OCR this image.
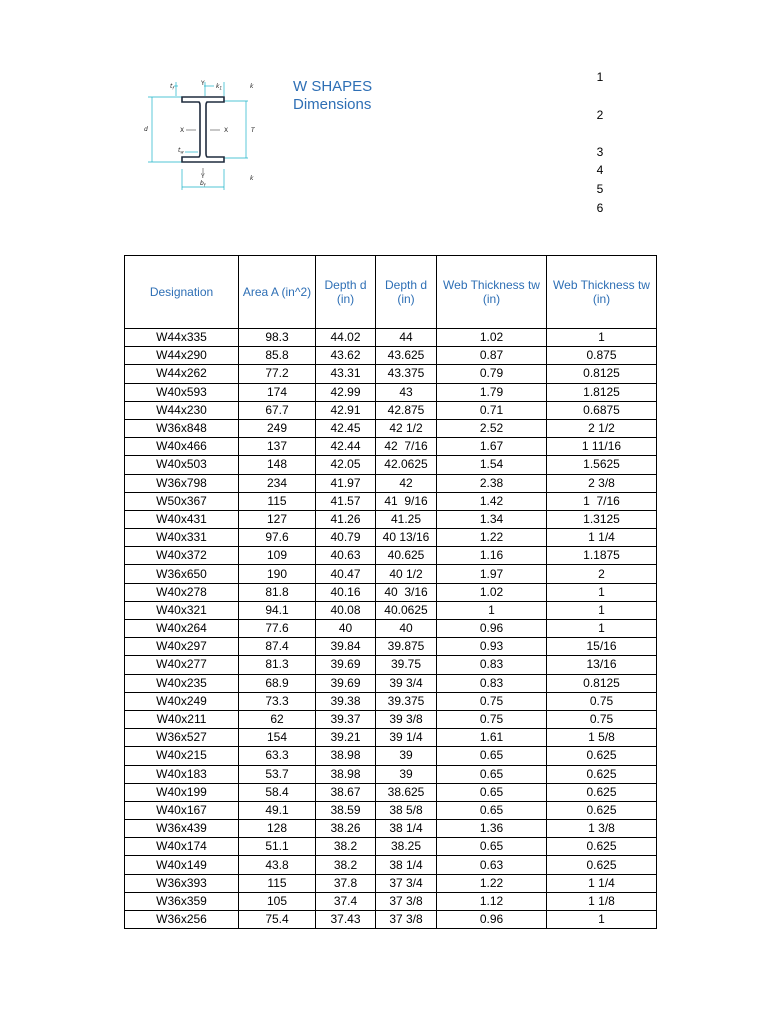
$t_f$
Y $k_1$	k
d	X	X	T
$t_w$
Y
$b_f$
k
W SHAPES
Dimensions
1
2
3
4
5
6
Designation	Area A (in^2)	Depth d (in)	Depth d (in)	Web Thickness tw (in)	Web Thickness tw (in)
W44x335	98.3	44.02	44	1.02	1
W44x290	85.8	43.62	43.625	0.87	0.875
W44x262	77.2	43.31	43.375	0.79	0.8125
W40x593	174	42.99	43	1.79	1.8125
W44x230	67.7	42.91	42.875	0.71	0.6875
W36x848	249	42.45	42 1/2	2.52	2 1/2
W40x466	137	42.44	42  7/16	1.67	1 11/16
W40x503	148	42.05	42.0625	1.54	1.5625
W36x798	234	41.97	42	2.38	2 3/8
W50x367	115	41.57	41  9/16	1.42	1  7/16
W40x431	127	41.26	41.25	1.34	1.3125
W40x331	97.6	40.79	40 13/16	1.22	1 1/4
W40x372	109	40.63	40.625	1.16	1.1875
W36x650	190	40.47	40 1/2	1.97	2
W40x278	81.8	40.16	40  3/16	1.02	1
W40x321	94.1	40.08	40.0625	1	1
W40x264	77.6	40	40	0.96	1
W40x297	87.4	39.84	39.875	0.93	15/16
W40x277	81.3	39.69	39.75	0.83	13/16
W40x235	68.9	39.69	39 3/4	0.83	0.8125
W40x249	73.3	39.38	39.375	0.75	0.75
W40x211	62	39.37	39 3/8	0.75	0.75
W36x527	154	39.21	39 1/4	1.61	1 5/8
W40x215	63.3	38.98	39	0.65	0.625
W40x183	53.7	38.98	39	0.65	0.625
W40x199	58.4	38.67	38.625	0.65	0.625
W40x167	49.1	38.59	38 5/8	0.65	0.625
W36x439	128	38.26	38 1/4	1.36	1 3/8
W40x174	51.1	38.2	38.25	0.65	0.625
W40x149	43.8	38.2	38 1/4	0.63	0.625
W36x393	115	37.8	37 3/4	1.22	1 1/4
W36x359	105	37.4	37 3/8	1.12	1 1/8
W36x256	75.4	37.43	37 3/8	0.96	1
